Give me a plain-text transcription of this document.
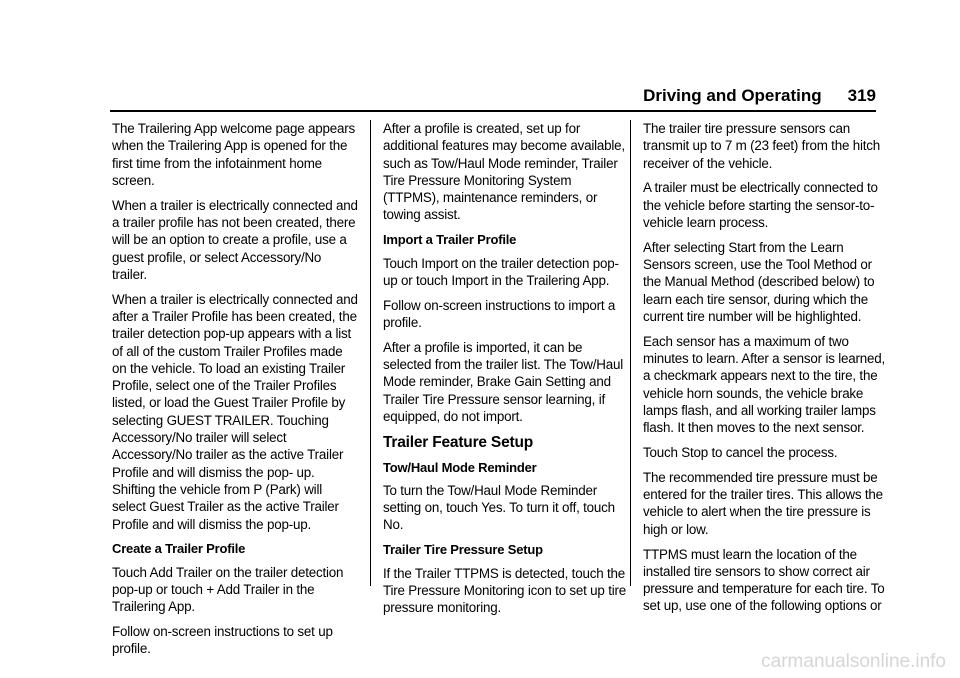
Driving and Operating 319

The Trailering App welcome page appears when the Trailering App is opened for the first time from the infotainment home screen.

When a trailer is electrically connected and a trailer profile has not been created, there will be an option to create a profile, use a guest profile, or select Accessory/No trailer.

When a trailer is electrically connected and after a Trailer Profile has been created, the trailer detection pop-up appears with a list of all of the custom Trailer Profiles made on the vehicle. To load an existing Trailer Profile, select one of the Trailer Profiles listed, or load the Guest Trailer Profile by selecting GUEST TRAILER. Touching Accessory/No trailer will select Accessory/No trailer as the active Trailer Profile and will dismiss the pop- up. Shifting the vehicle from P (Park) will select Guest Trailer as the active Trailer Profile and will dismiss the pop-up.

Create a Trailer Profile

Touch Add Trailer on the trailer detection pop-up or touch + Add Trailer in the Trailering App.

Follow on-screen instructions to set up profile.

After a profile is created, set up for additional features may become available, such as Tow/Haul Mode reminder, Trailer Tire Pressure Monitoring System (TTPMS), maintenance reminders, or towing assist.

Import a Trailer Profile

Touch Import on the trailer detection pop-up or touch Import in the Trailering App.

Follow on-screen instructions to import a profile.

After a profile is imported, it can be selected from the trailer list. The Tow/Haul Mode reminder, Brake Gain Setting and Trailer Tire Pressure sensor learning, if equipped, do not import.

Trailer Feature Setup

Tow/Haul Mode Reminder

To turn the Tow/Haul Mode Reminder setting on, touch Yes. To turn it off, touch No.

Trailer Tire Pressure Setup

If the Trailer TTPMS is detected, touch the Tire Pressure Monitoring icon to set up tire pressure monitoring.

The trailer tire pressure sensors can transmit up to 7 m (23 feet) from the hitch receiver of the vehicle.

A trailer must be electrically connected to the vehicle before starting the sensor-to-vehicle learn process.

After selecting Start from the Learn Sensors screen, use the Tool Method or the Manual Method (described below) to learn each tire sensor, during which the current tire number will be highlighted.

Each sensor has a maximum of two minutes to learn. After a sensor is learned, a checkmark appears next to the tire, the vehicle horn sounds, the vehicle brake lamps flash, and all working trailer lamps flash. It then moves to the next sensor.

Touch Stop to cancel the process.

The recommended tire pressure must be entered for the trailer tires. This allows the vehicle to alert when the tire pressure is high or low.

TTPMS must learn the location of the installed tire sensors to show correct air pressure and temperature for each tire. To set up, use one of the following options or

carmanualsonline.info
